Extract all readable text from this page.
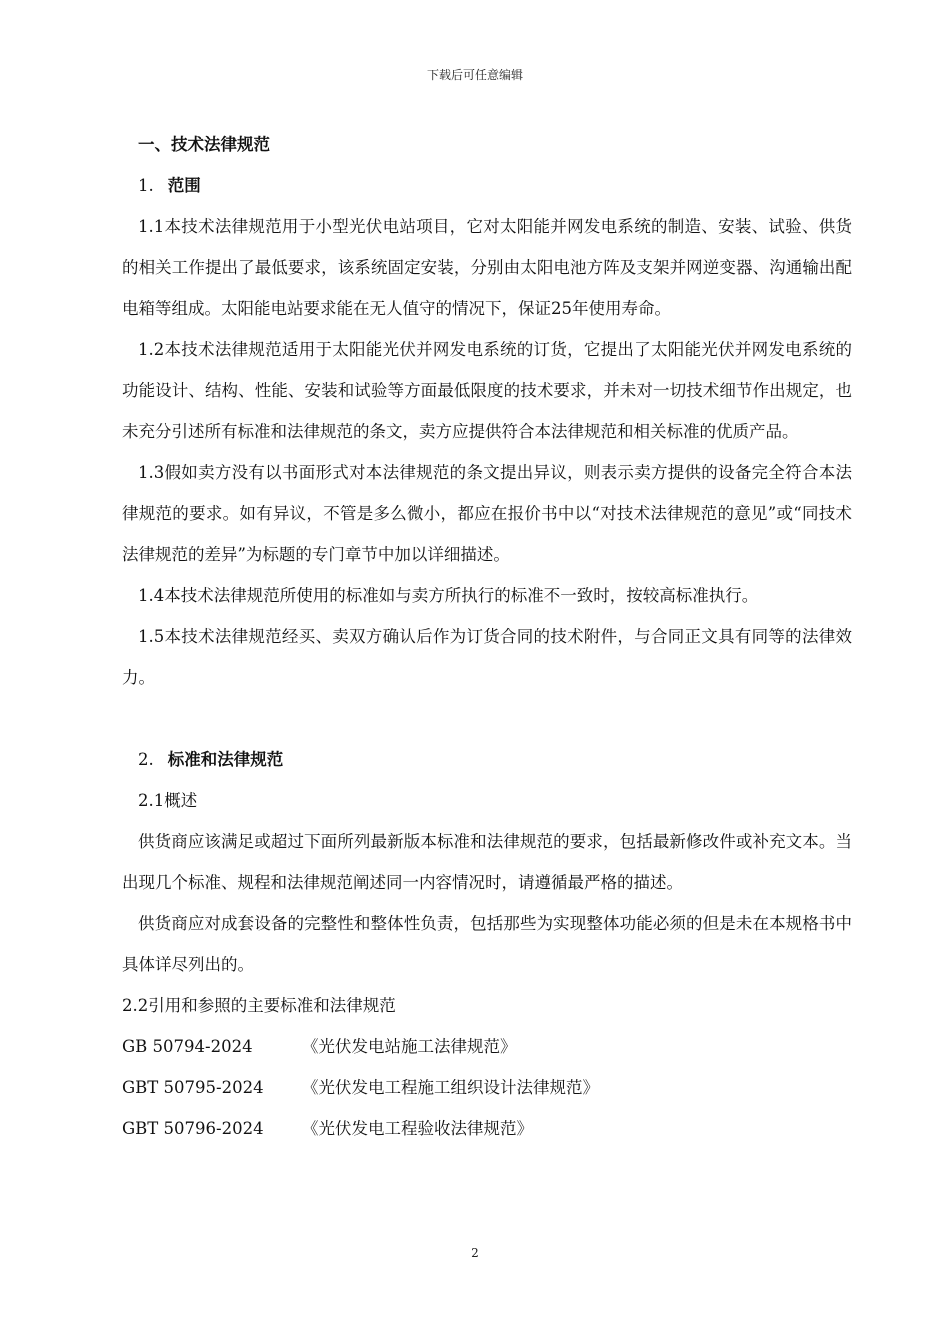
下载后可任意编辑
一、技术法律规范
1. 范围

1.1本技术法律规范用于小型光伏电站项目，它对太阳能并网发电系统的制造、安装、试验、供货的相关工作提出了最低要求，该系统固定安装，分别由太阳电池方阵及支架并网逆变器、沟通输出配电箱等组成。太阳能电站要求能在无人值守的情况下，保证25年使用寿命。

1.2本技术法律规范适用于太阳能光伏并网发电系统的订货，它提出了太阳能光伏并网发电系统的功能设计、结构、性能、安装和试验等方面最低限度的技术要求，并未对一切技术细节作出规定，也未充分引述所有标准和法律规范的条文，卖方应提供符合本法律规范和相关标准的优质产品。

1.3假如卖方没有以书面形式对本法律规范的条文提出异议，则表示卖方提供的设备完全符合本法律规范的要求。如有异议，不管是多么微小，都应在报价书中以“对技术法律规范的意见”或“同技术法律规范的差异”为标题的专门章节中加以详细描述。

1.4本技术法律规范所使用的标准如与卖方所执行的标准不一致时，按较高标准执行。

1.5本技术法律规范经买、卖双方确认后作为订货合同的技术附件，与合同正文具有同等的法律效力。

2. 标准和法律规范
2.1概述

供货商应该满足或超过下面所列最新版本标准和法律规范的要求，包括最新修改件或补充文本。当出现几个标准、规程和法律规范阐述同一内容情况时，请遵循最严格的描述。

供货商应对成套设备的完整性和整体性负责，包括那些为实现整体功能必须的但是未在本规格书中具体详尽列出的。

2.2引用和参照的主要标准和法律规范
GB 50794-2024	《光伏发电站施工法律规范》
GBT 50795-2024	《光伏发电工程施工组织设计法律规范》
GBT 50796-2024	《光伏发电工程验收法律规范》
2
